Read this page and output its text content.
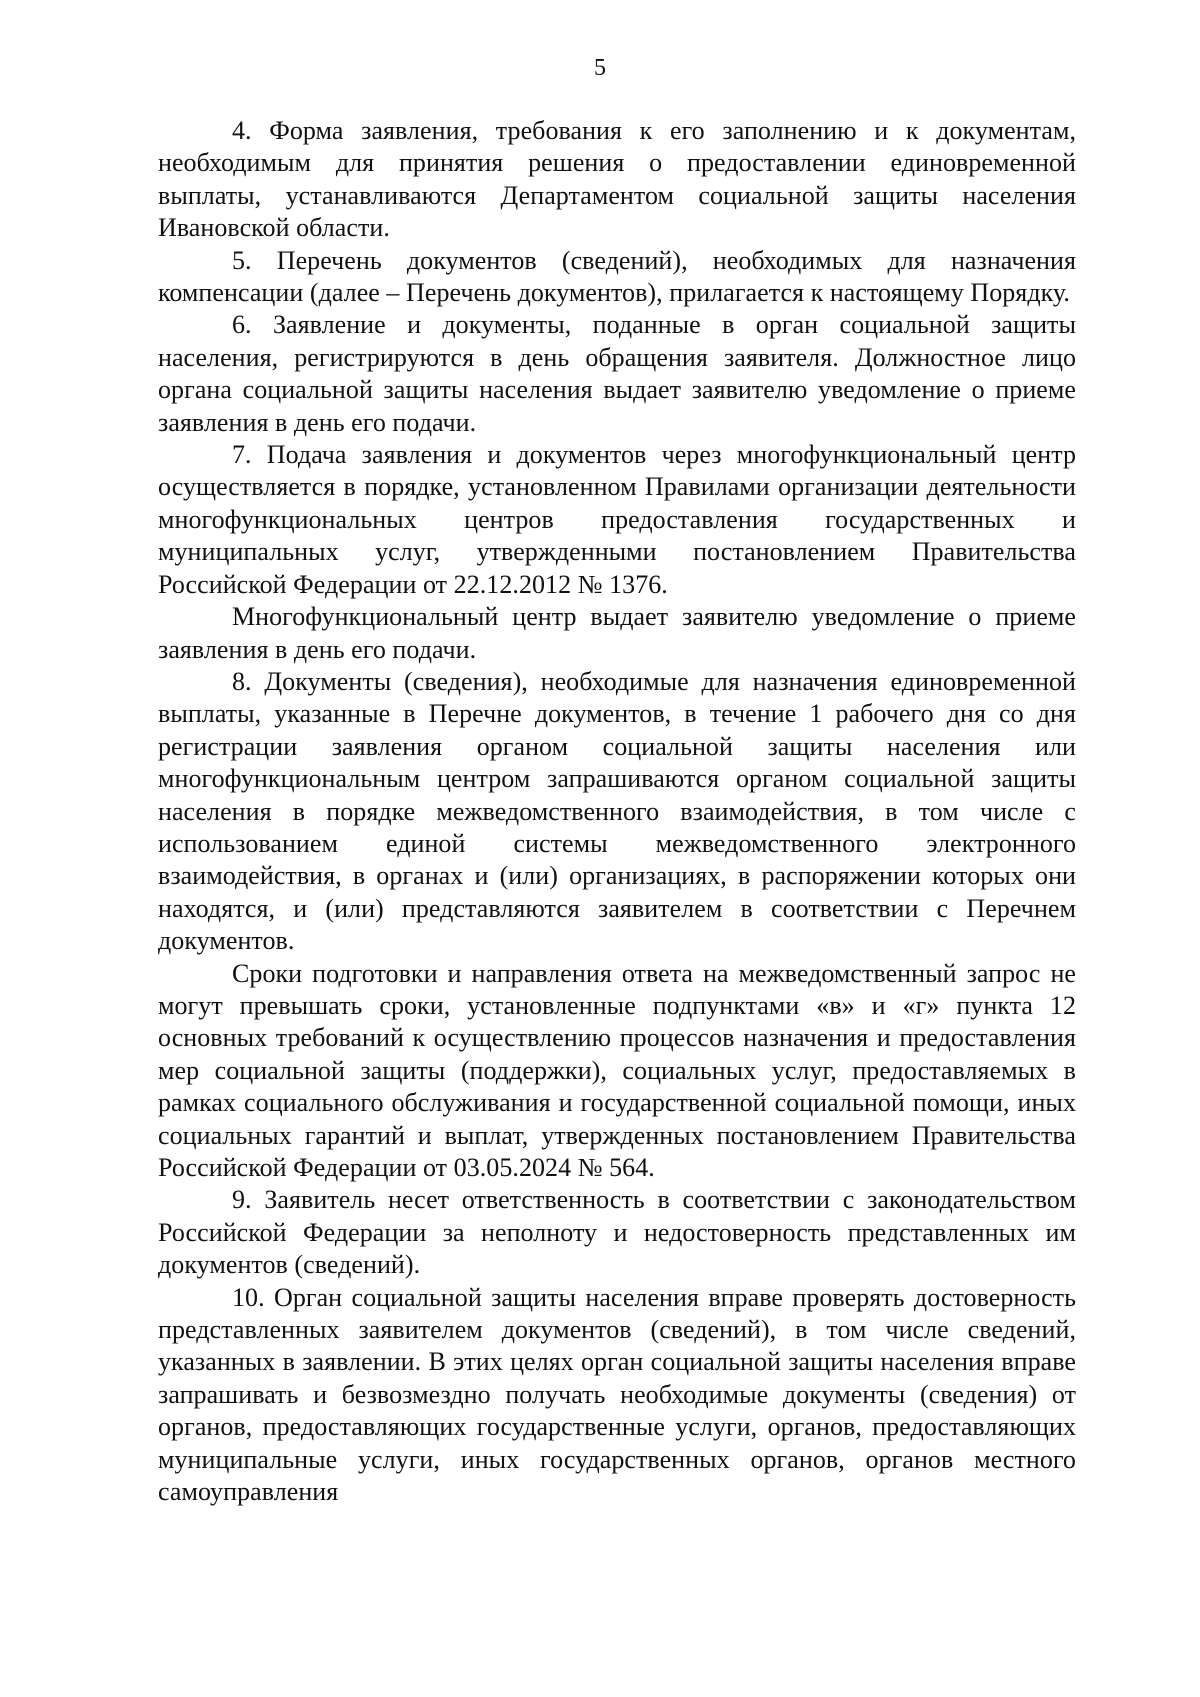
5

4. Форма заявления, требования к его заполнению и к документам, необходимым для принятия решения о предоставлении единовременной выплаты, устанавливаются Департаментом социальной защиты населения Ивановской области.

5. Перечень документов (сведений), необходимых для назначения компенсации (далее – Перечень документов), прилагается к настоящему Порядку.

6. Заявление и документы, поданные в орган социальной защиты населения, регистрируются в день обращения заявителя. Должностное лицо органа социальной защиты населения выдает заявителю уведомление о приеме заявления в день его подачи.

7. Подача заявления и документов через многофункциональный центр осуществляется в порядке, установленном Правилами организации деятельности многофункциональных центров предоставления государственных и муниципальных услуг, утвержденными постановлением Правительства Российской Федерации от 22.12.2012 № 1376.

Многофункциональный центр выдает заявителю уведомление о приеме заявления в день его подачи.

8. Документы (сведения), необходимые для назначения единовременной выплаты, указанные в Перечне документов, в течение 1 рабочего дня со дня регистрации заявления органом социальной защиты населения или многофункциональным центром запрашиваются органом социальной защиты населения в порядке межведомственного взаимодействия, в том числе с использованием единой системы межведомственного электронного взаимодействия, в органах и (или) организациях, в распоряжении которых они находятся, и (или) представляются заявителем в соответствии с Перечнем документов.

Сроки подготовки и направления ответа на межведомственный запрос не могут превышать сроки, установленные подпунктами «в» и «г» пункта 12 основных требований к осуществлению процессов назначения и предоставления мер социальной защиты (поддержки), социальных услуг, предоставляемых в рамках социального обслуживания и государственной социальной помощи, иных социальных гарантий и выплат, утвержденных постановлением Правительства Российской Федерации от 03.05.2024 № 564.

9. Заявитель несет ответственность в соответствии с законодательством Российской Федерации за неполноту и недостоверность представленных им документов (сведений).

10. Орган социальной защиты населения вправе проверять достоверность представленных заявителем документов (сведений), в том числе сведений, указанных в заявлении. В этих целях орган социальной защиты населения вправе запрашивать и безвозмездно получать необходимые документы (сведения) от органов, предоставляющих государственные услуги, органов, предоставляющих муниципальные услуги, иных государственных органов, органов местного самоуправления
